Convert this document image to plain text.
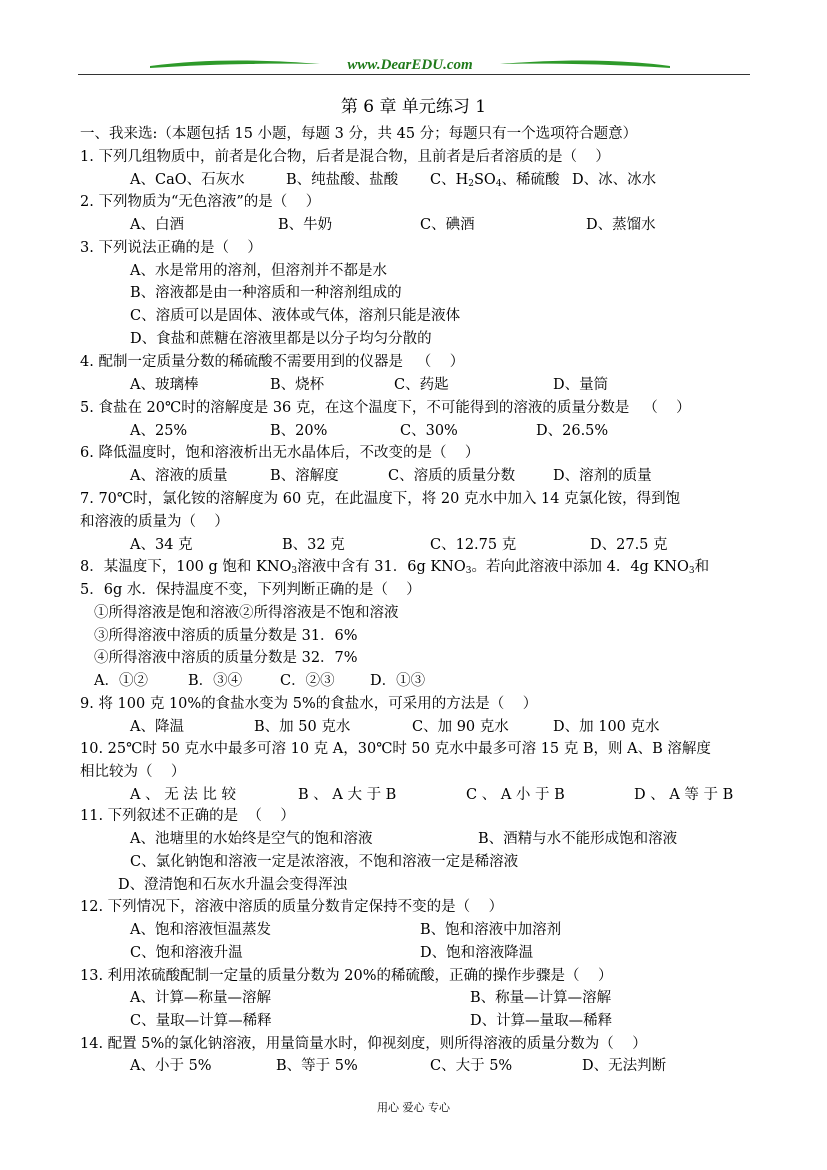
www.DearEDU.com
第 6 章 单元练习 1
一、我来选:（本题包括 15 小题，每题 3 分，共 45 分；每题只有一个选项符合题意）
1. 下列几组物质中，前者是化合物，后者是混合物，且前者是后者溶质的是（    ）
A、CaO、石灰水	B、纯盐酸、盐酸 C、$H_2SO_4$、稀硫酸 D、冰、冰水
2. 下列物质为“无色溶液”的是（    ）
A、白酒	B、牛奶	C、碘酒	D、蒸馏水
3. 下列说法正确的是（    ）
A、水是常用的溶剂，但溶剂并不都是水
B、溶液都是由一种溶质和一种溶剂组成的
C、溶质可以是固体、液体或气体，溶剂只能是液体
D、食盐和蔗糖在溶液里都是以分子均匀分散的
4. 配制一定质量分数的稀硫酸不需要用到的仪器是   （    ）
A、玻璃棒	B、烧杯	C、药匙	D、量筒
5. 食盐在 20℃时的溶解度是 36 克，在这个温度下，不可能得到的溶液的质量分数是   （    ）
A、25%	B、20%	C、30%	D、26.5%
6. 降低温度时，饱和溶液析出无水晶体后，不改变的是（    ）
A、溶液的质量	B、溶解度	C、溶质的质量分数	D、溶剂的质量
7. 70℃时，氯化铵的溶解度为 60 克，在此温度下，将 20 克水中加入 14 克氯化铵，得到饱
和溶液的质量为（    ）
A、34 克	B、32 克	C、12.75 克	D、27.5 克
8．某温度下，100 g 饱和 $KNO_3$溶液中含有 31．6g $KNO_3$。若向此溶液中添加 4．4g $KNO_3$和
5．6g 水．保持温度不变，下列判断正确的是（    ）
①所得溶液是饱和溶液②所得溶液是不饱和溶液
③所得溶液中溶质的质量分数是 31．6%
④所得溶液中溶质的质量分数是 32．7%
A．①②	B．③④	C．②③ D．①③
9. 将 100 克 10%的食盐水变为 5%的食盐水，可采用的方法是（    ）
A、降温	B、加 50 克水	C、加 90 克水	D、加 100 克水
10. 25℃时 50 克水中最多可溶 10 克 A，30℃时 50 克水中最多可溶 15 克 B，则 A、B 溶解度
相比较为（    ）
A 、 无 法 比 较	B 、 A 大 于 B	C 、 A 小 于 B	D 、 A 等 于 B
11. 下列叙述不正确的是  （    ）
A、池塘里的水始终是空气的饱和溶液	B、酒精与水不能形成饱和溶液
C、氯化钠饱和溶液一定是浓溶液，不饱和溶液一定是稀溶液
D、澄清饱和石灰水升温会变得浑浊
12. 下列情况下，溶液中溶质的质量分数肯定保持不变的是（    ）
A、饱和溶液恒温蒸发	B、饱和溶液中加溶剂
C、饱和溶液升温	D、饱和溶液降温
13. 利用浓硫酸配制一定量的质量分数为 20%的稀硫酸，正确的操作步骤是（    ）
A、计算—称量—溶解	B、称量—计算—溶解
C、量取—计算—稀释	D、计算—量取—稀释
14. 配置 5%的氯化钠溶液，用量筒量水时，仰视刻度，则所得溶液的质量分数为（    ）
A、小于 5%	B、等于 5%	C、大于 5%	D、无法判断
用心 爱心 专心
